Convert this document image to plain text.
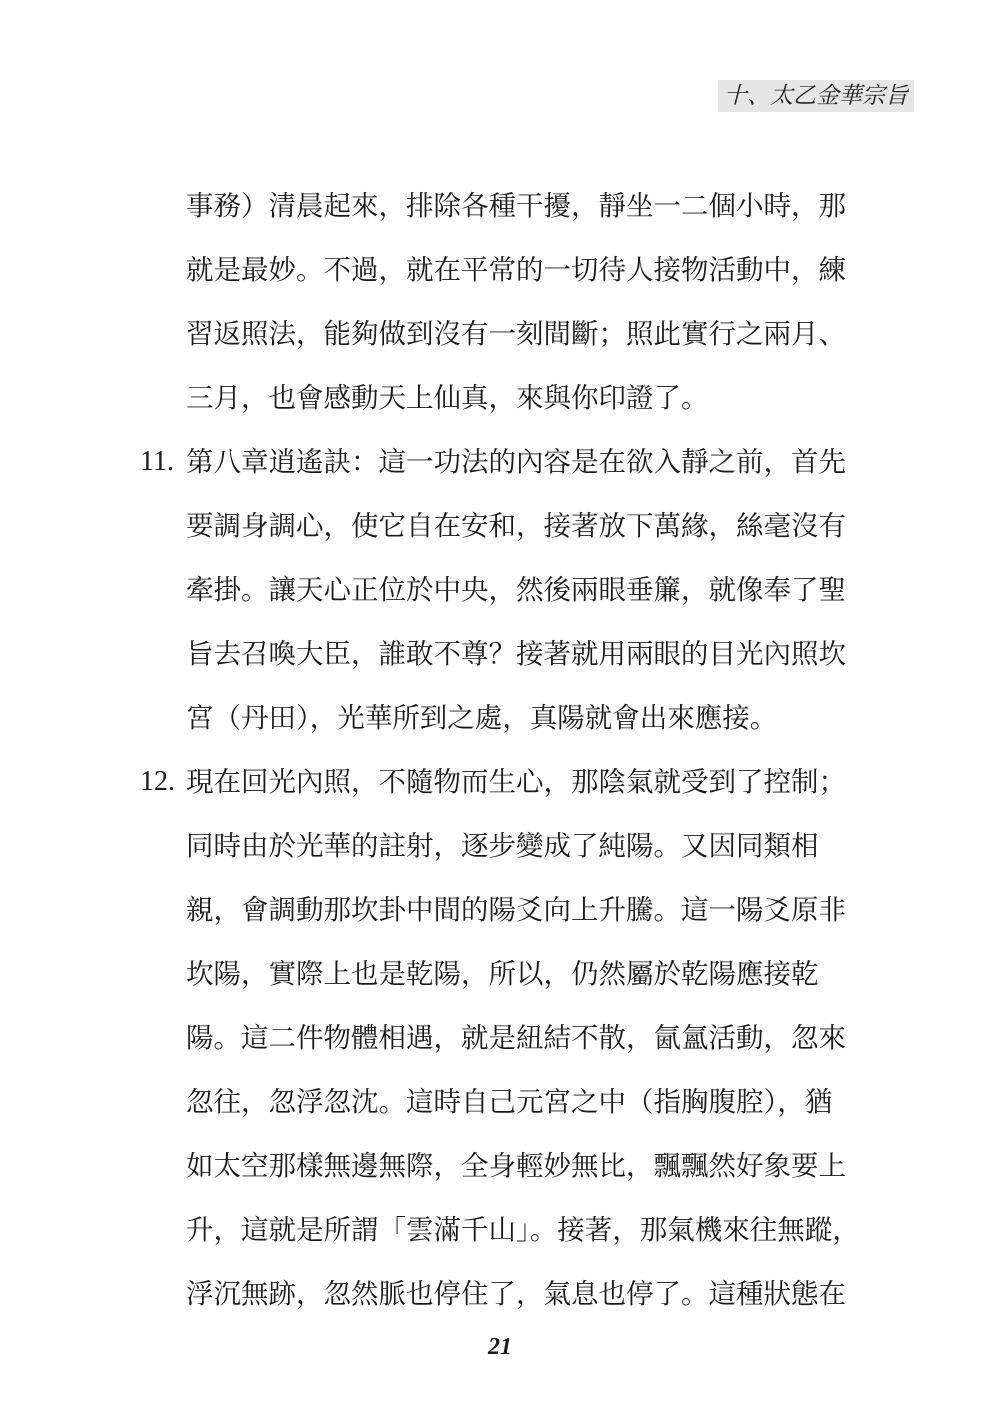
十、太乙金華宗旨
事務）清晨起來，排除各種干擾，靜坐一二個小時，那
就是最妙。不過，就在平常的一切待人接物活動中，練
習返照法，能夠做到沒有一刻間斷；照此實行之兩月、
三月，也會感動天上仙真，來與你印證了。
11. 第八章逍遙訣：這一功法的內容是在欲入靜之前，首先
要調身調心，使它自在安和，接著放下萬緣，絲毫沒有
牽掛。讓天心正位於中央，然後兩眼垂簾，就像奉了聖
旨去召喚大臣，誰敢不尊？接著就用兩眼的目光內照坎
宮（丹田），光華所到之處，真陽就會出來應接。
12. 現在回光內照，不隨物而生心，那陰氣就受到了控制；
同時由於光華的註射，逐步變成了純陽。又因同類相
親，會調動那坎卦中間的陽爻向上升騰。這一陽爻原非
坎陽，實際上也是乾陽，所以，仍然屬於乾陽應接乾
陽。這二件物體相遇，就是紐結不散，氤氳活動，忽來
忽往，忽浮忽沈。這時自己元宮之中（指胸腹腔），猶
如太空那樣無邊無際，全身輕妙無比，飄飄然好象要上
升，這就是所謂「雲滿千山」。接著，那氣機來往無蹤，
浮沉無跡，忽然脈也停住了，氣息也停了。這種狀態在
21
